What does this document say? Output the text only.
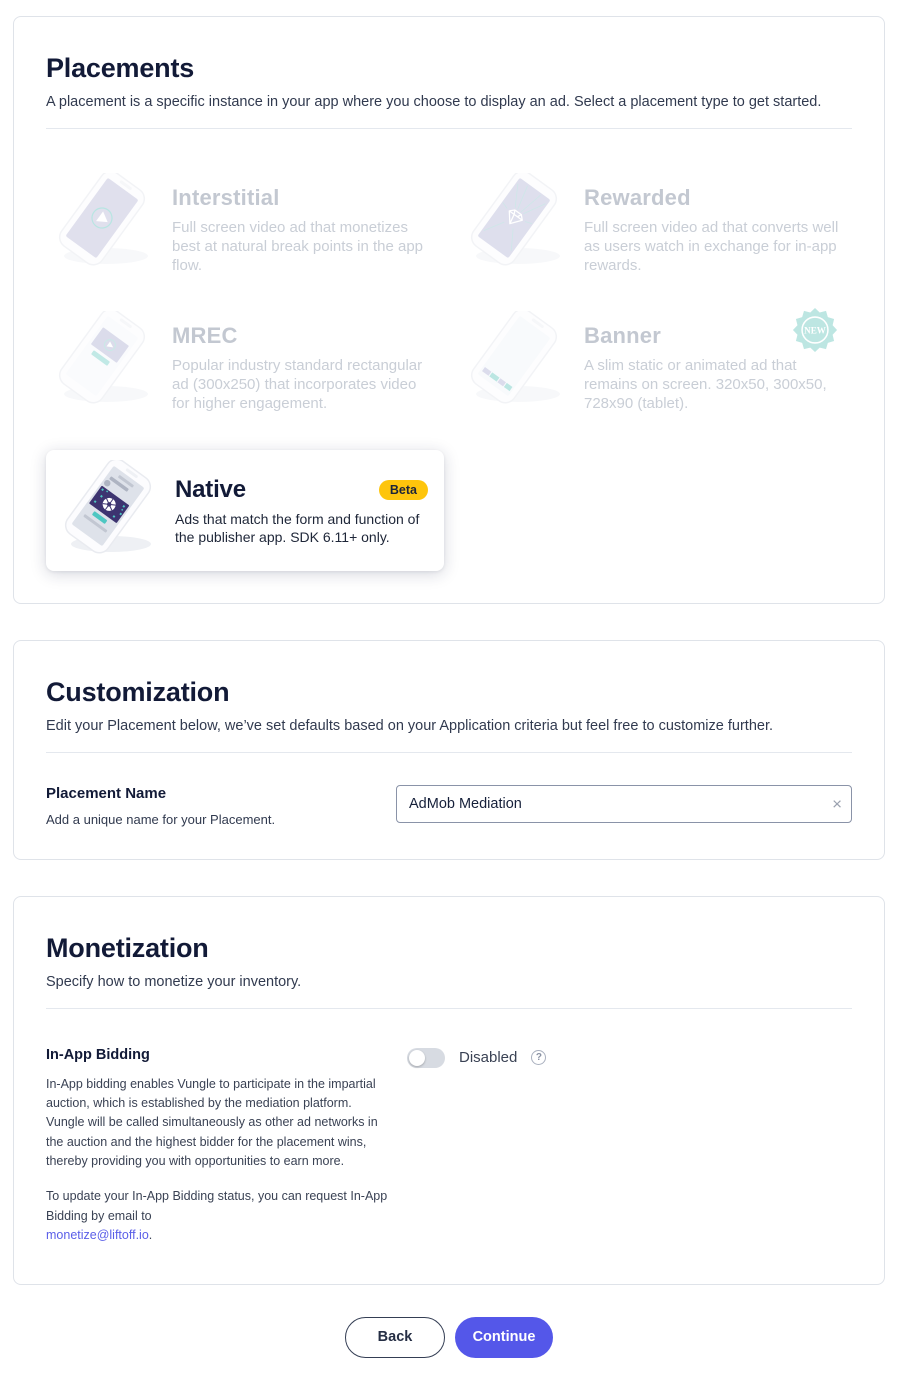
Placements

A placement is a specific instance in your app where you choose to display an ad. Select a placement type to get started.

Interstitial
Full screen video ad that monetizes best at natural break points in the app flow.
Rewarded
Full screen video ad that converts well as users watch in exchange for in-app rewards.
MREC
Popular industry standard rectangular ad (300x250) that incorporates video for higher engagement.
Banner
A slim static or animated ad that remains on screen. 320x50, 300x50, 728x90 (tablet).
NEW
Native	Beta
Ads that match the form and function of the publisher app. SDK 6.11+ only.
Customization

Edit your Placement below, we’ve set defaults based on your Application criteria but feel free to customize further.

Placement Name
Add a unique name for your Placement.
AdMob Mediation
×
Monetization

Specify how to monetize your inventory.

In-App Bidding

In-App bidding enables Vungle to participate in the impartial auction, which is established by the mediation platform. Vungle will be called simultaneously as other ad networks in the auction and the highest bidder for the placement wins, thereby providing you with opportunities to earn more.

To update your In-App Bidding status, you can request In-App Bidding by email to
monetize@liftoff.io.

Disabled	?
Back	Continue
